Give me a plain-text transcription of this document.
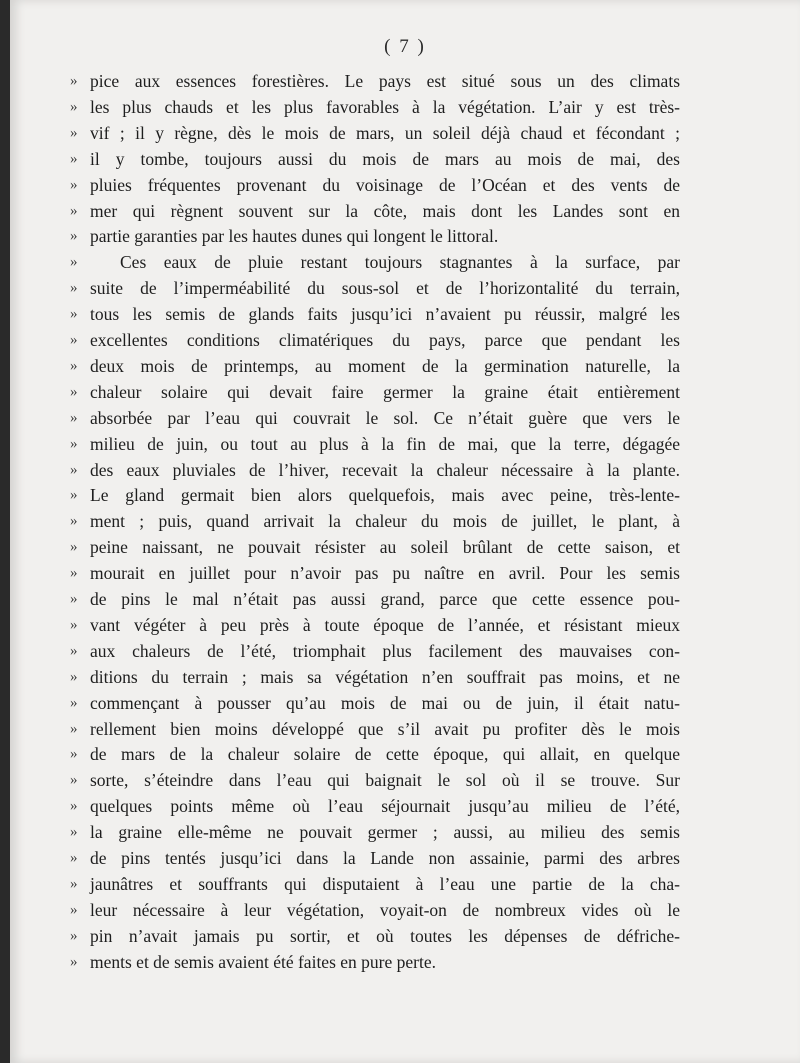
( 7 )
» pice aux essences forestières. Le pays est situé sous un des climats
» les plus chauds et les plus favorables à la végétation. L’air y est très-
» vif ; il y règne, dès le mois de mars, un soleil déjà chaud et fécondant ;
» il y tombe, toujours aussi du mois de mars au mois de mai, des
» pluies fréquentes provenant du voisinage de l’Océan et des vents de
» mer qui règnent souvent sur la côte, mais dont les Landes sont en
» partie garanties par les hautes dunes qui longent le littoral.
» Ces eaux de pluie restant toujours stagnantes à la surface, par
» suite de l’imperméabilité du sous-sol et de l’horizontalité du terrain,
» tous les semis de glands faits jusqu’ici n’avaient pu réussir, malgré les
» excellentes conditions climatériques du pays, parce que pendant les
» deux mois de printemps, au moment de la germination naturelle, la
» chaleur solaire qui devait faire germer la graine était entièrement
» absorbée par l’eau qui couvrait le sol. Ce n’était guère que vers le
» milieu de juin, ou tout au plus à la fin de mai, que la terre, dégagée
» des eaux pluviales de l’hiver, recevait la chaleur nécessaire à la plante.
» Le gland germait bien alors quelquefois, mais avec peine, très-lente-
» ment ; puis, quand arrivait la chaleur du mois de juillet, le plant, à
» peine naissant, ne pouvait résister au soleil brûlant de cette saison, et
» mourait en juillet pour n’avoir pas pu naître en avril. Pour les semis
» de pins le mal n’était pas aussi grand, parce que cette essence pou-
» vant végéter à peu près à toute époque de l’année, et résistant mieux
» aux chaleurs de l’été, triomphait plus facilement des mauvaises con-
» ditions du terrain ; mais sa végétation n’en souffrait pas moins, et ne
» commençant à pousser qu’au mois de mai ou de juin, il était natu-
» rellement bien moins développé que s’il avait pu profiter dès le mois
» de mars de la chaleur solaire de cette époque, qui allait, en quelque
» sorte, s’éteindre dans l’eau qui baignait le sol où il se trouve. Sur
» quelques points même où l’eau séjournait jusqu’au milieu de l’été,
» la graine elle-même ne pouvait germer ; aussi, au milieu des semis
» de pins tentés jusqu’ici dans la Lande non assainie, parmi des arbres
» jaunâtres et souffrants qui disputaient à l’eau une partie de la cha-
» leur nécessaire à leur végétation, voyait-on de nombreux vides où le
» pin n’avait jamais pu sortir, et où toutes les dépenses de défriche-
» ments et de semis avaient été faites en pure perte.
